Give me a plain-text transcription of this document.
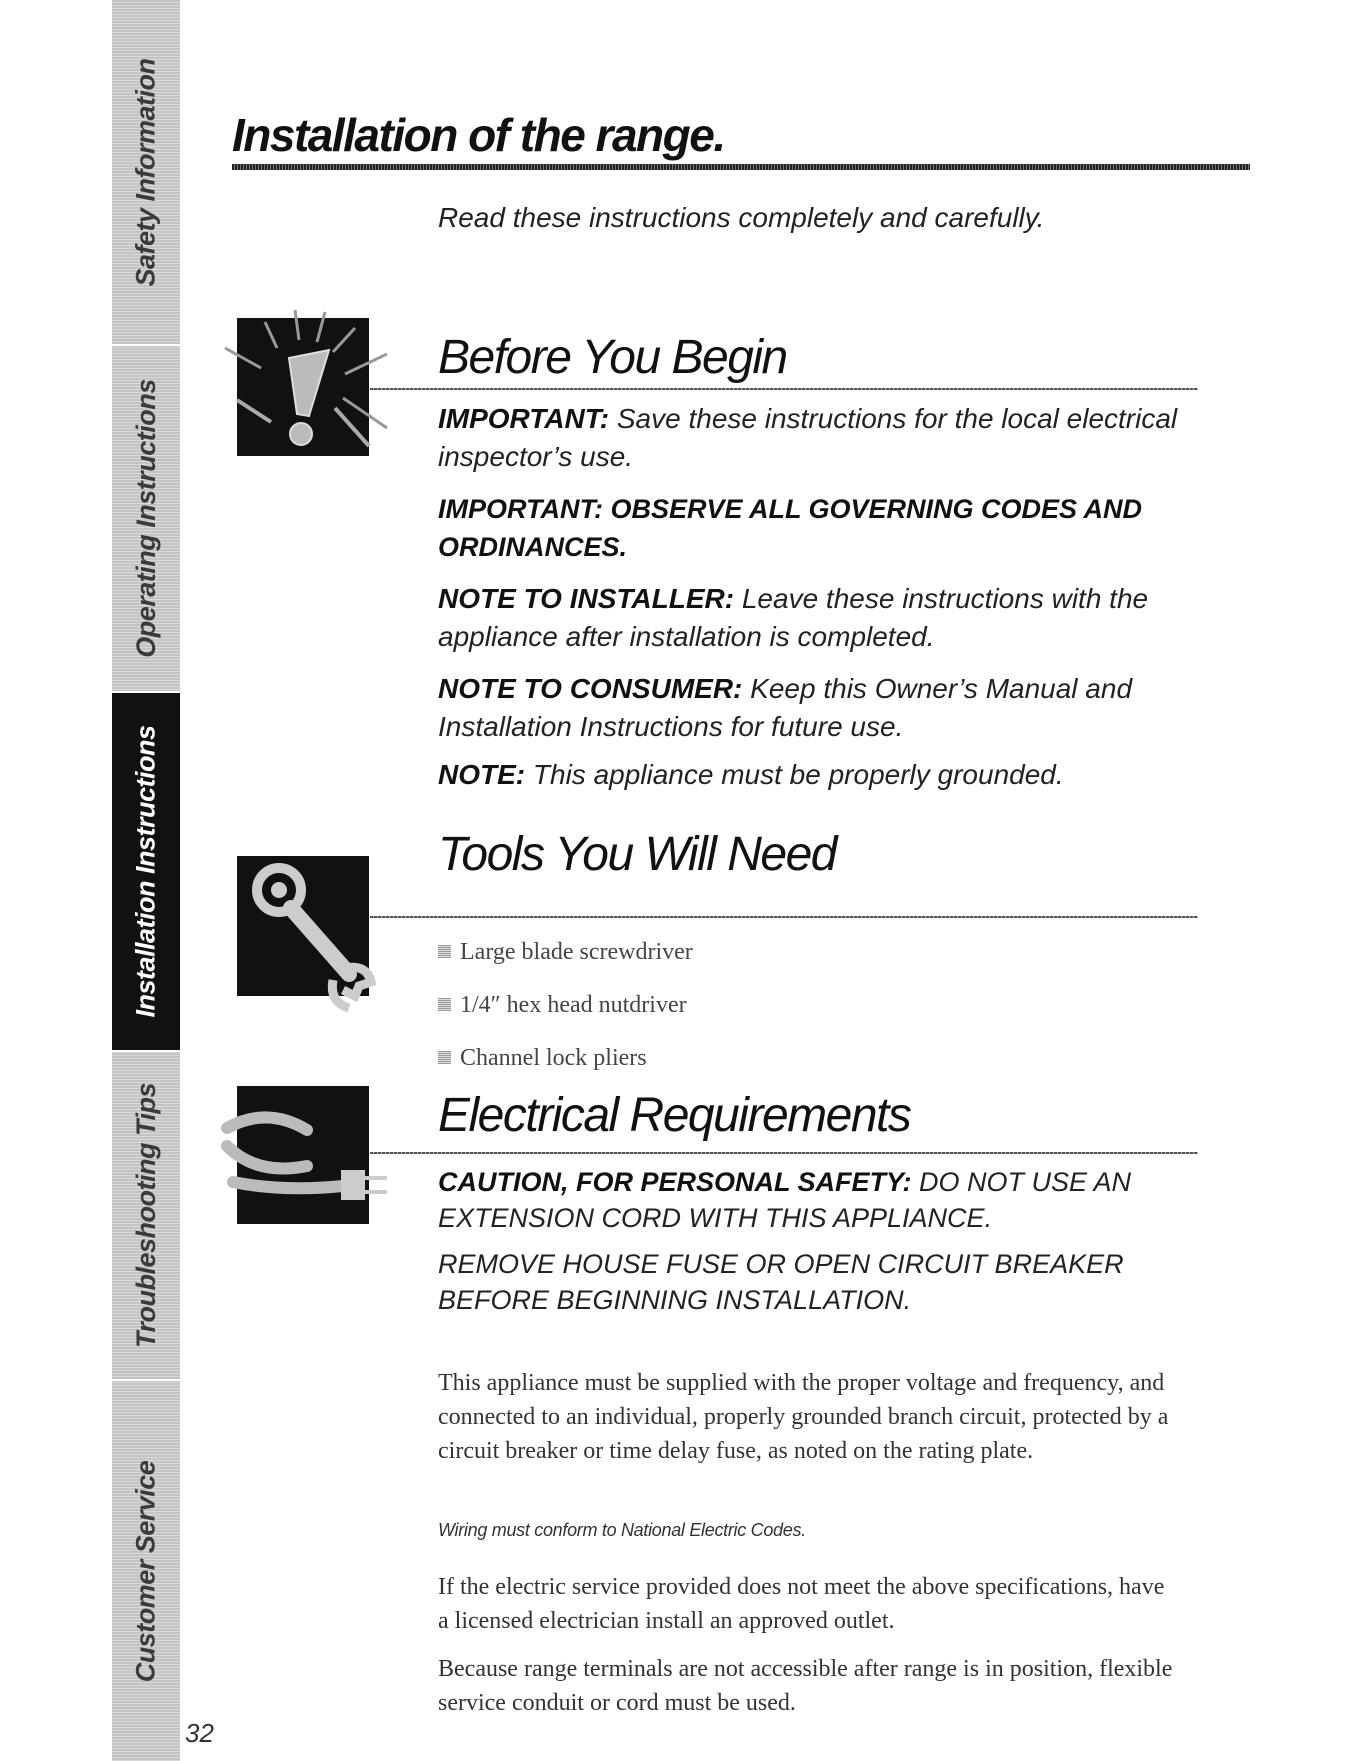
Safety Information
Operating Instructions
Installation Instructions
Troubleshooting Tips
Customer Service
Installation of the range.

Read these instructions completely and carefully.

Before You Begin

IMPORTANT: Save these instructions for the local electrical inspector’s use.

IMPORTANT: OBSERVE ALL GOVERNING CODES AND ORDINANCES.

NOTE TO INSTALLER: Leave these instructions with the appliance after installation is completed.

NOTE TO CONSUMER: Keep this Owner’s Manual and Installation Instructions for future use.

NOTE: This appliance must be properly grounded.

Tools You Will Need
Large blade screwdriver
1/4″ hex head nutdriver
Channel lock pliers
Electrical Requirements

CAUTION, FOR PERSONAL SAFETY: DO NOT USE AN

EXTENSION CORD WITH THIS APPLIANCE.

REMOVE HOUSE FUSE OR OPEN CIRCUIT BREAKER

BEFORE BEGINNING INSTALLATION.

This appliance must be supplied with the proper voltage and frequency, and connected to an individual, properly grounded branch circuit, protected by a circuit breaker or time delay fuse, as noted on the rating plate.

Wiring must conform to National Electric Codes.

If the electric service provided does not meet the above specifications, have a licensed electrician install an approved outlet.

Because range terminals are not accessible after range is in position, flexible service conduit or cord must be used.

32
